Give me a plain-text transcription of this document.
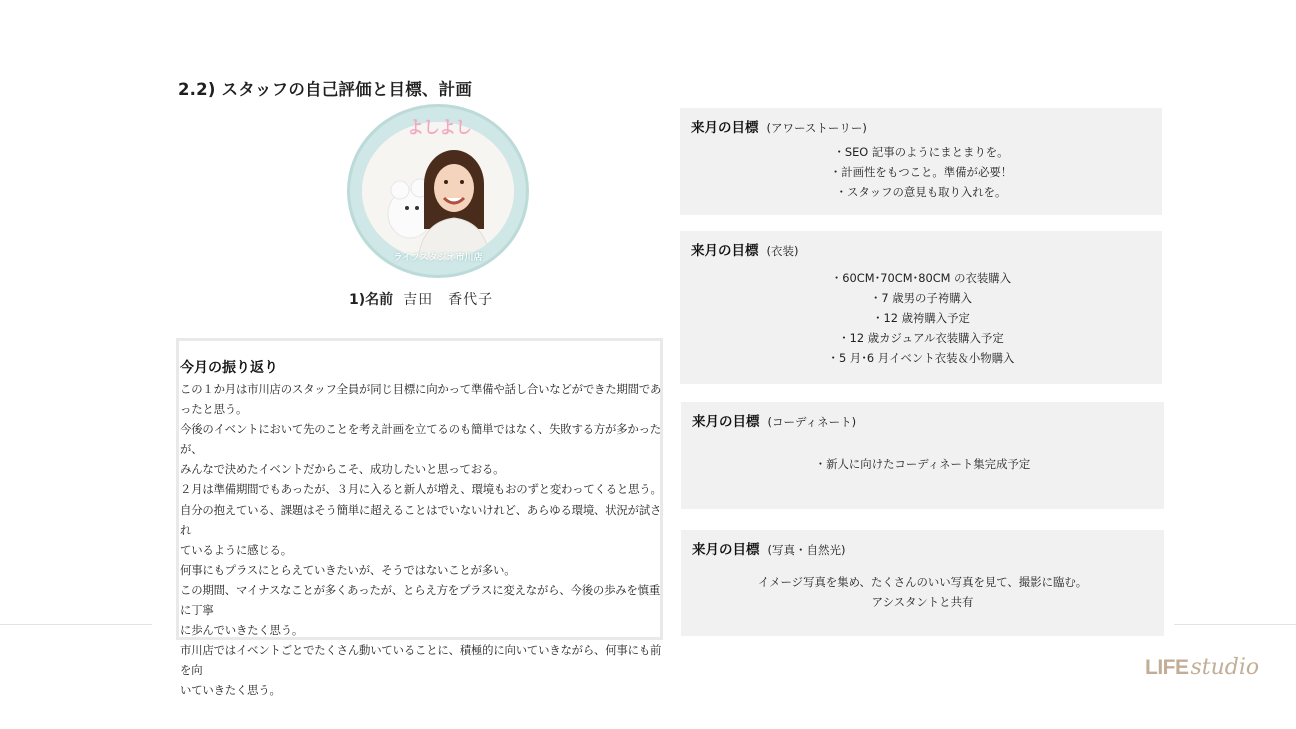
2.2) スタッフの自己評価と目標、計画
よしよし
ライフスタジオ市川店
1)名前 吉田　香代子
今月の振り返り

この１か月は市川店のスタッフ全員が同じ目標に向かって準備や話し合いなどができた期間であ

ったと思う。

今後のイベントにおいて先のことを考え計画を立てるのも簡単ではなく、失敗する方が多かったが、

みんなで決めたイベントだからこそ、成功したいと思っておる。

２月は準備期間でもあったが、３月に入ると新人が増え、環境もおのずと変わってくると思う。

自分の抱えている、課題はそう簡単に超えることはでいないけれど、あらゆる環境、状況が試され

ているように感じる。

何事にもプラスにとらえていきたいが、そうではないことが多い。

この期間、マイナスなことが多くあったが、とらえ方をプラスに変えながら、今後の歩みを慎重に丁寧

に歩んでいきたく思う。

市川店ではイベントごとでたくさん動いていることに、積極的に向いていきながら、何事にも前を向

いていきたく思う。

来月の目標 (アワーストーリー)
・SEO 記事のようにまとまりを。
・計画性をもつこと。準備が必要！
・スタッフの意見も取り入れを。
来月の目標 (衣装)
・60CM･70CM･80CM の衣装購入
・7 歳男の子袴購入
・12 歳袴購入予定
・12 歳カジュアル衣装購入予定
・5 月･6 月イベント衣装＆小物購入
来月の目標 (コーディネート)
・新人に向けたコーディネート集完成予定
来月の目標 (写真・自然光)
イメージ写真を集め、たくさんのいい写真を見て、撮影に臨む。
アシスタントと共有
LIFEstudio
